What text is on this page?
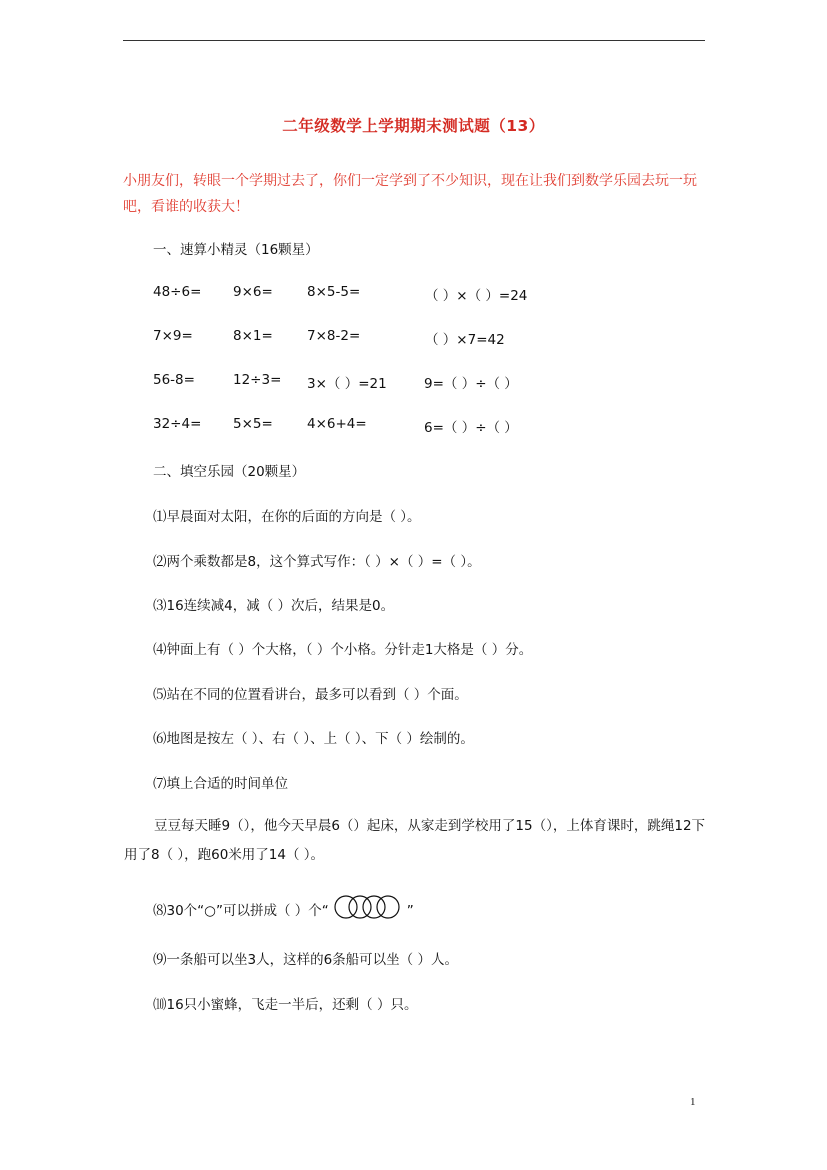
二年级数学上学期期末测试题（13）
小朋友们，转眼一个学期过去了，你们一定学到了不少知识，现在让我们到数学乐园去玩一玩吧，看谁的收获大！
一、速算小精灵（16颗星）
48÷6= 9×6=	8×5-5=	（ ）×（ ）=24
7×9=	8×1=	7×8-2=	（ ）×7=42
56-8=	12÷3= 3×（ ）=21	9=（ ）÷（ ）
32÷4= 5×5=	4×6+4=	6=（ ）÷（ ）
二、填空乐园（20颗星）
⑴早晨面对太阳，在你的后面的方向是（ ）。
⑵两个乘数都是8，这个算式写作：（ ）×（ ）=（ ）。
⑶16连续减4，减（ ）次后，结果是0。
⑷钟面上有（ ）个大格，（ ）个小格。分针走1大格是（ ）分。
⑸站在不同的位置看讲台，最多可以看到（ ）个面。
⑹地图是按左（ ）、右（ ）、上（ ）、下（ ）绘制的。
⑺填上合适的时间单位
豆豆每天睡9（），他今天早晨6（）起床，从家走到学校用了15（），上体育课时，跳绳12下用了8（ ），跑60米用了14（ ）。
⑻30个“○”可以拼成（ ）个“	”
⑼一条船可以坐3人，这样的6条船可以坐（ ）人。
⑽16只小蜜蜂，飞走一半后，还剩（ ）只。
1
